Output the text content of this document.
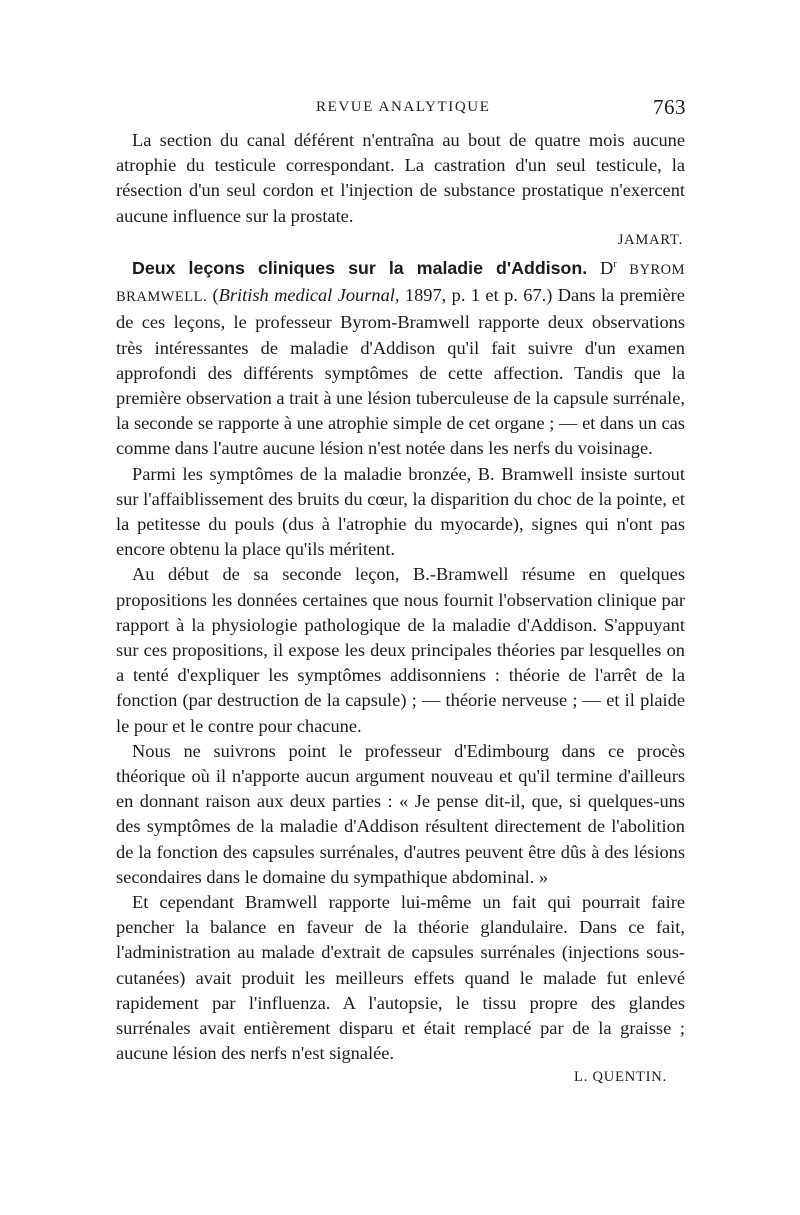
REVUE ANALYTIQUE	763

La section du canal déférent n'entraîna au bout de quatre mois aucune atrophie du testicule correspondant. La castration d'un seul testicule, la résection d'un seul cordon et l'injection de substance prostatique n'exercent aucune influence sur la prostate.

JAMART.

Deux leçons cliniques sur la maladie d'Addison. $D^r$ BYROM BRAMWELL. (British medical Journal, 1897, p. 1 et p. 67.) Dans la première de ces leçons, le professeur Byrom-Bramwell rapporte deux observations très intéressantes de maladie d'Addison qu'il fait suivre d'un examen approfondi des différents symptômes de cette affection. Tandis que la première observation a trait à une lésion tuberculeuse de la capsule surrénale, la seconde se rapporte à une atrophie simple de cet organe ; — et dans un cas comme dans l'autre aucune lésion n'est notée dans les nerfs du voisinage.

Parmi les symptômes de la maladie bronzée, B. Bramwell insiste surtout sur l'affaiblissement des bruits du cœur, la disparition du choc de la pointe, et la petitesse du pouls (dus à l'atrophie du myocarde), signes qui n'ont pas encore obtenu la place qu'ils méritent.

Au début de sa seconde leçon, B.-Bramwell résume en quelques propositions les données certaines que nous fournit l'observation clinique par rapport à la physiologie pathologique de la maladie d'Addison. S'appuyant sur ces propositions, il expose les deux principales théories par lesquelles on a tenté d'expliquer les symptômes addisonniens : théorie de l'arrêt de la fonction (par destruction de la capsule) ; — théorie nerveuse ; — et il plaide le pour et le contre pour chacune.

Nous ne suivrons point le professeur d'Edimbourg dans ce procès théorique où il n'apporte aucun argument nouveau et qu'il termine d'ailleurs en donnant raison aux deux parties : « Je pense dit-il, que, si quelques-uns des symptômes de la maladie d'Addison résultent directement de l'abolition de la fonction des capsules surrénales, d'autres peuvent être dûs à des lésions secondaires dans le domaine du sympathique abdominal. »

Et cependant Bramwell rapporte lui-même un fait qui pourrait faire pencher la balance en faveur de la théorie glandulaire. Dans ce fait, l'administration au malade d'extrait de capsules surrénales (injections sous-cutanées) avait produit les meilleurs effets quand le malade fut enlevé rapidement par l'influenza. A l'autopsie, le tissu propre des glandes surrénales avait entièrement disparu et était remplacé par de la graisse ; aucune lésion des nerfs n'est signalée.

L. QUENTIN.
